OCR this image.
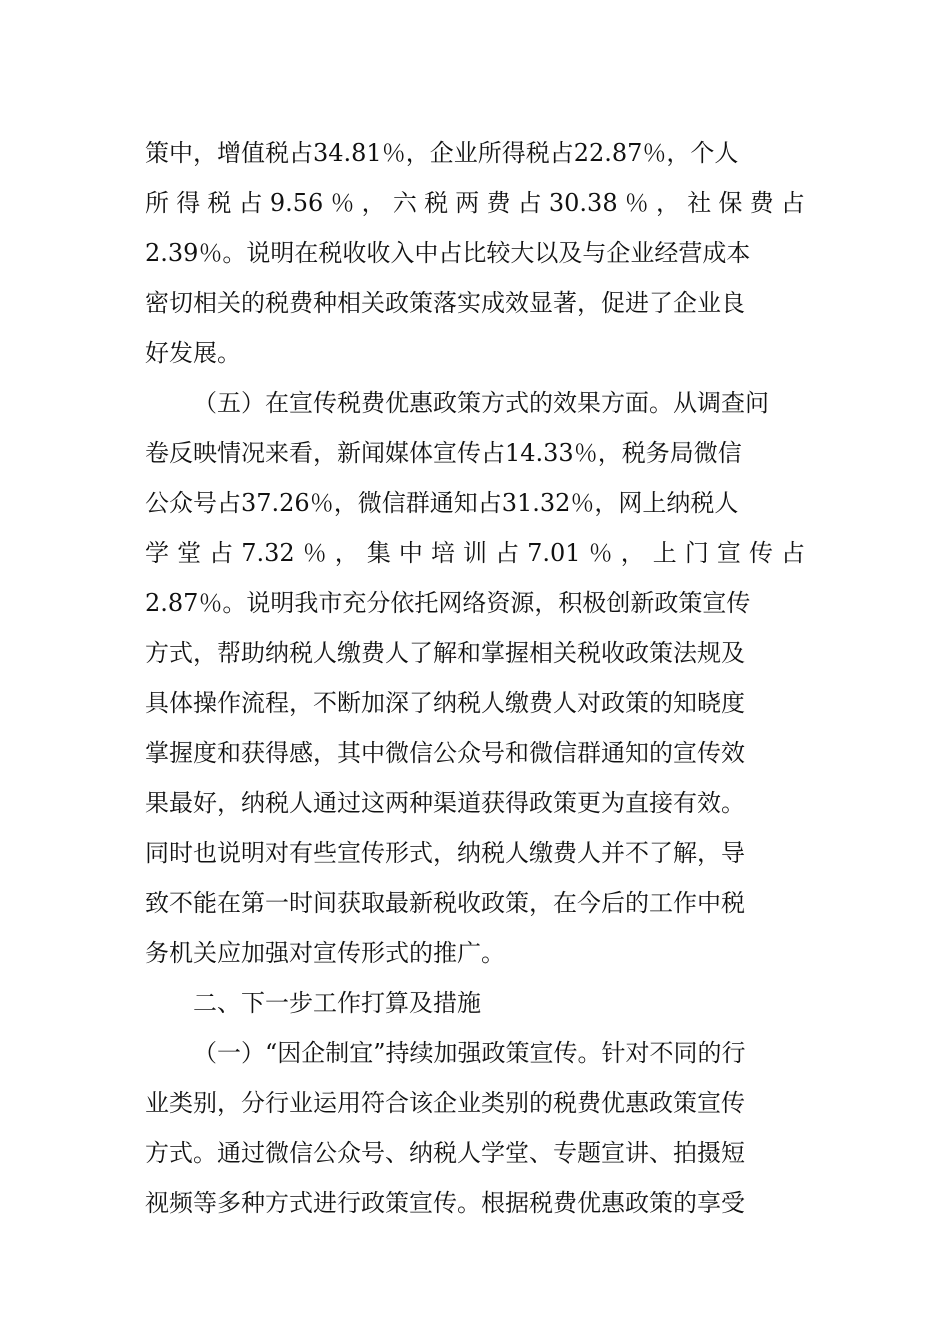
策中，增值税占34.81％，企业所得税占22.87％，个人
所 得 税 占 9.56 ％ ， 六 税 两 费 占 30.38 ％ ， 社 保 费 占
2.39％。说明在税收收入中占比较大以及与企业经营成本
密切相关的税费种相关政策落实成效显著，促进了企业良
好发展。
（五）在宣传税费优惠政策方式的效果方面。从调查问
卷反映情况来看，新闻媒体宣传占14.33％，税务局微信
公众号占37.26％，微信群通知占31.32％，网上纳税人
学 堂 占 7.32 ％ ， 集 中 培 训 占 7.01 ％ ， 上 门 宣 传 占
2.87％。说明我市充分依托网络资源，积极创新政策宣传
方式，帮助纳税人缴费人了解和掌握相关税收政策法规及
具体操作流程，不断加深了纳税人缴费人对政策的知晓度
掌握度和获得感，其中微信公众号和微信群通知的宣传效
果最好，纳税人通过这两种渠道获得政策更为直接有效。
同时也说明对有些宣传形式，纳税人缴费人并不了解，导
致不能在第一时间获取最新税收政策，在今后的工作中税
务机关应加强对宣传形式的推广。
二、下一步工作打算及措施
（一）“因企制宜”持续加强政策宣传。针对不同的行
业类别，分行业运用符合该企业类别的税费优惠政策宣传
方式。通过微信公众号、纳税人学堂、专题宣讲、拍摄短
视频等多种方式进行政策宣传。根据税费优惠政策的享受
